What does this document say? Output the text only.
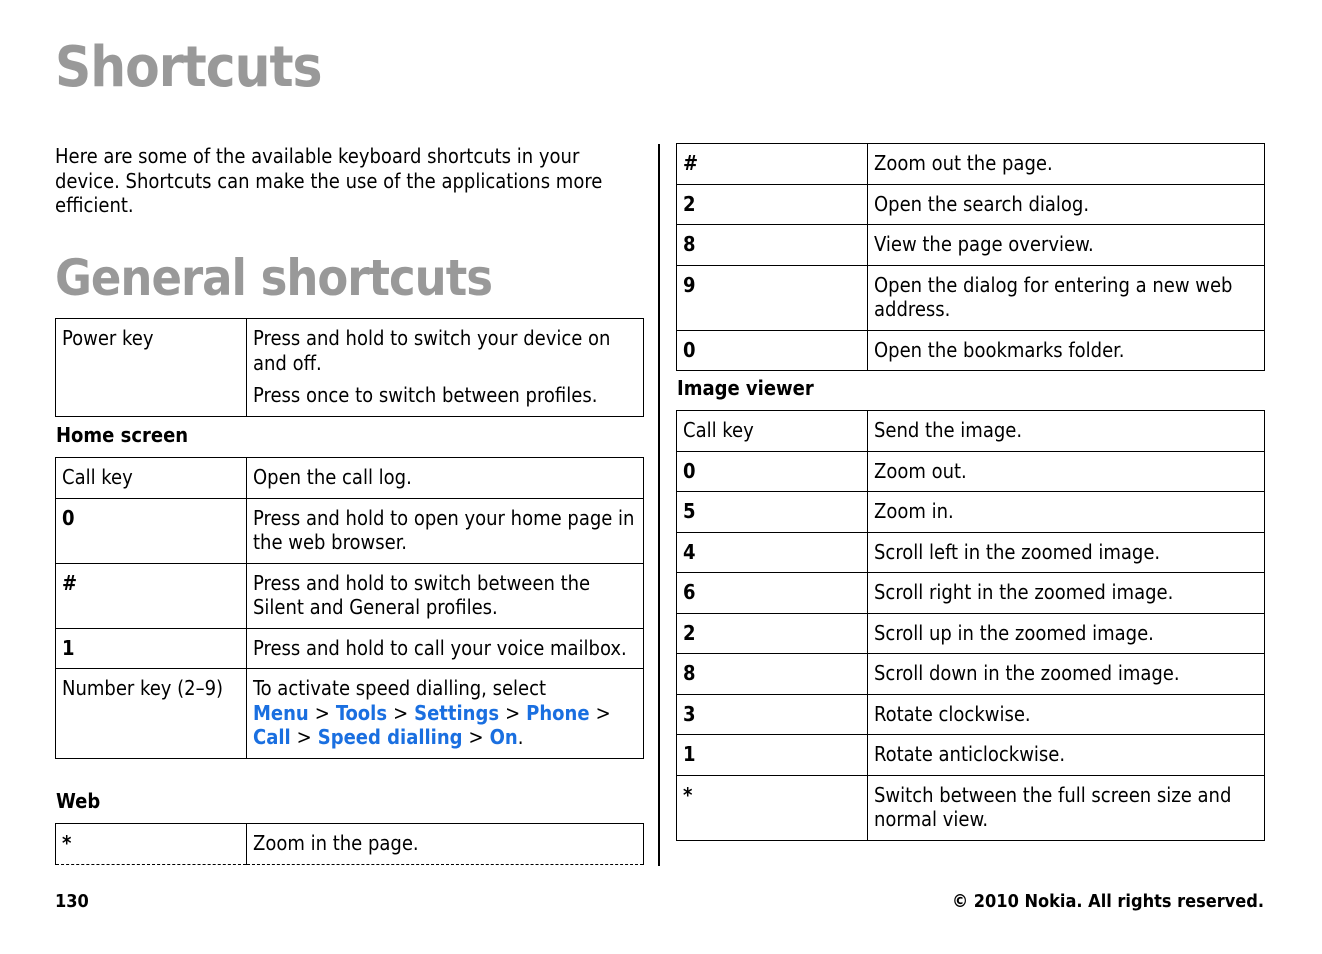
Shortcuts

Here are some of the available keyboard shortcuts in your device. Shortcuts can make the use of the applications more efficient.

General shortcuts
Power key	Press and hold to switch your device on and off.

Press once to switch between profiles.

Home screen
Call key	Open the call log.
0	Press and hold to open your home page in the web browser.
#	Press and hold to switch between the Silent and General profiles.
1	Press and hold to call your voice mailbox.
Number key (2–9)	To activate speed dialling, select
Menu > Tools > Settings > Phone >
Call > Speed dialling > On.
Web
*	Zoom in the page.
#	Zoom out the page.
2	Open the search dialog.
8	View the page overview.
9	Open the dialog for entering a new web address.
0	Open the bookmarks folder.
Image viewer
Call key	Send the image.
0	Zoom out.
5	Zoom in.
4	Scroll left in the zoomed image.
6	Scroll right in the zoomed image.
2	Scroll up in the zoomed image.
8	Scroll down in the zoomed image.
3	Rotate clockwise.
1	Rotate anticlockwise.
*	Switch between the full screen size and normal view.
130	© 2010 Nokia. All rights reserved.
